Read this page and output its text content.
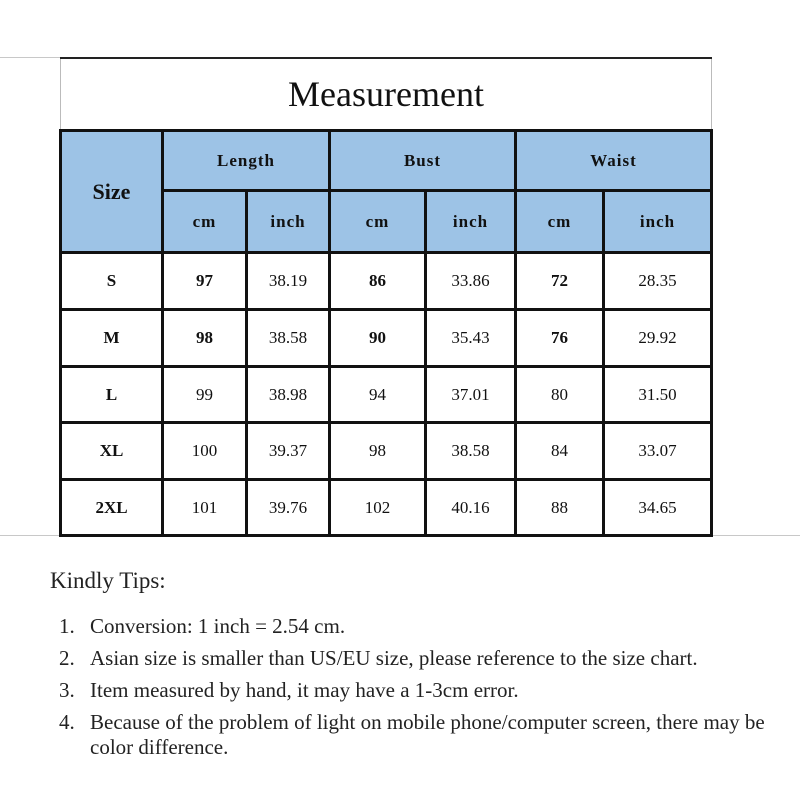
Measurement						
Size	Length		Bust		Waist	
	cm	inch	cm	inch	cm	inch
S	97	38.19	86	33.86	72	28.35
M	98	38.58	90	35.43	76	29.92
L	99	38.98	94	37.01	80	31.50
XL	100	39.37	98	38.58	84	33.07
2XL	101	39.76	102	40.16	88	34.65
Kindly Tips:
1. Conversion: 1 inch = 2.54 cm.
2. Asian size is smaller than US/EU size, please reference to the size chart.
3. Item measured by hand, it may have a 1-3cm error.
4. Because of the problem of light on mobile phone/computer screen, there may be color difference.
